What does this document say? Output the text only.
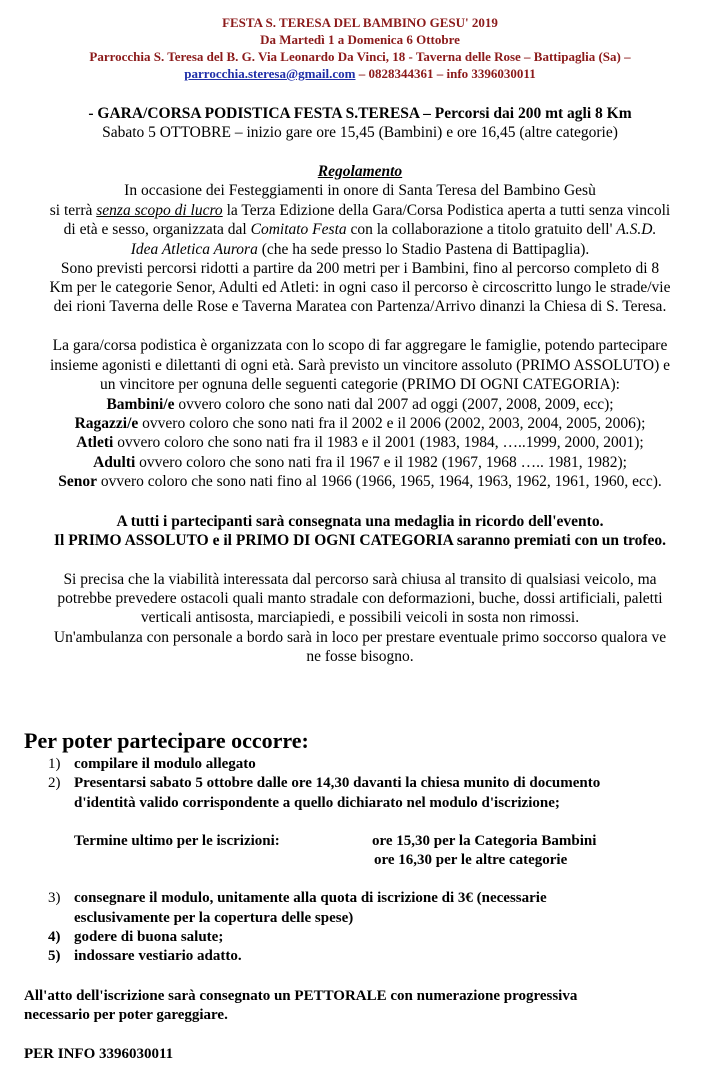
FESTA S. TERESA DEL BAMBINO GESU' 2019
Da Martedì 1 a Domenica 6 Ottobre
Parrocchia S. Teresa del B. G. Via Leonardo Da Vinci, 18 - Taverna delle Rose – Battipaglia (Sa) –
parrocchia.steresa@gmail.com – 0828344361 – info 3396030011
- GARA/CORSA PODISTICA FESTA S.TERESA – Percorsi dai 200 mt agli 8 Km
Sabato 5 OTTOBRE – inizio gare ore 15,45 (Bambini) e ore 16,45 (altre categorie)
Regolamento
In occasione dei Festeggiamenti in onore di Santa Teresa del Bambino Gesù
si terrà senza scopo di lucro la Terza Edizione della Gara/Corsa Podistica aperta a tutti senza vincoli
di età e sesso, organizzata dal Comitato Festa con la collaborazione a titolo gratuito dell' A.S.D.
Idea Atletica Aurora (che ha sede presso lo Stadio Pastena di Battipaglia).
Sono previsti percorsi ridotti a partire da 200 metri per i Bambini, fino al percorso completo di 8
Km per le categorie Senor, Adulti ed Atleti: in ogni caso il percorso è circoscritto lungo le strade/vie
dei rioni Taverna delle Rose e Taverna Maratea con Partenza/Arrivo dinanzi la Chiesa di S. Teresa.
La gara/corsa podistica è organizzata con lo scopo di far aggregare le famiglie, potendo partecipare
insieme agonisti e dilettanti di ogni età. Sarà previsto un vincitore assoluto (PRIMO ASSOLUTO) e
un vincitore per ognuna delle seguenti categorie (PRIMO DI OGNI CATEGORIA):
Bambini/e ovvero coloro che sono nati dal 2007 ad oggi (2007, 2008, 2009, ecc);
Ragazzi/e ovvero coloro che sono nati fra il 2002 e il 2006 (2002, 2003, 2004, 2005, 2006);
Atleti ovvero coloro che sono nati fra il 1983 e il 2001 (1983, 1984, …..1999, 2000, 2001);
Adulti ovvero coloro che sono nati fra il 1967 e il 1982 (1967, 1968 ….. 1981, 1982);
Senor ovvero coloro che sono nati fino al 1966 (1966, 1965, 1964, 1963, 1962, 1961, 1960, ecc).
A tutti i partecipanti sarà consegnata una medaglia in ricordo dell'evento.
Il PRIMO ASSOLUTO e il PRIMO DI OGNI CATEGORIA saranno premiati con un trofeo.
Si precisa che la viabilità interessata dal percorso sarà chiusa al transito di qualsiasi veicolo, ma
potrebbe prevedere ostacoli quali manto stradale con deformazioni, buche, dossi artificiali, paletti
verticali antisosta, marciapiedi, e possibili veicoli in sosta non rimossi.
Un'ambulanza con personale a bordo sarà in loco per prestare eventuale primo soccorso qualora ve
ne fosse bisogno.
Per poter partecipare occorre:
1) compilare il modulo allegato
2) Presentarsi sabato 5 ottobre dalle ore 14,30 davanti la chiesa munito di documento
d'identità valido corrispondente a quello dichiarato nel modulo d'iscrizione;
Termine ultimo per le iscrizioni:	ore 15,30 per la Categoria Bambini
ore 16,30 per le altre categorie
3) consegnare il modulo, unitamente alla quota di iscrizione di 3€ (necessarie
esclusivamente per la copertura delle spese)
4) godere di buona salute;
5) indossare vestiario adatto.
All'atto dell'iscrizione sarà consegnato un PETTORALE con numerazione progressiva
necessario per poter gareggiare.
PER INFO 3396030011
